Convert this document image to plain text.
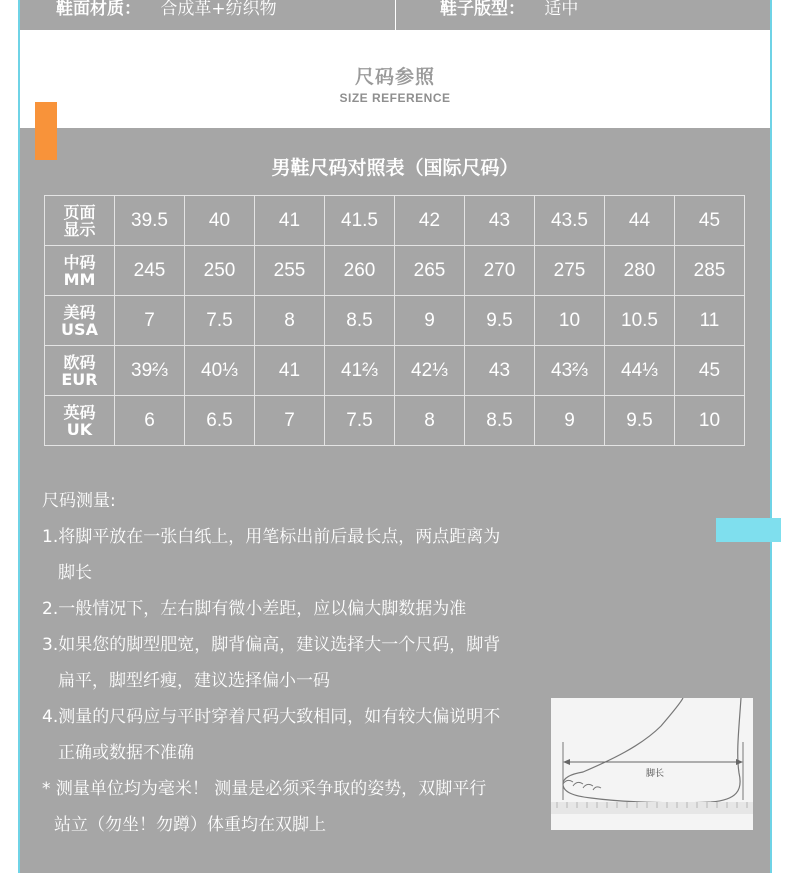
鞋面材质： 合成革+纺织物	鞋子版型： 适中
尺码参照
SIZE REFERENCE
男鞋尺码对照表（国际尺码）
页面
显示	39.5	40	41	41.5	42	43	43.5	44	45

中码
MM	245	250	255	260	265	270	275	280	285

美码
USA	7	7.5	8	8.5	9	9.5	10	10.5	11

欧码
EUR	39⅔	40⅓	41	41⅔	42⅓	43	43⅔	44⅓	45

英码
UK	6	6.5	7	7.5	8	8.5	9	9.5	10
尺码测量:
1.将脚平放在一张白纸上，用笔标出前后最长点，两点距离为
脚长
2.一般情况下，左右脚有微小差距，应以偏大脚数据为准
3.如果您的脚型肥宽，脚背偏高，建议选择大一个尺码，脚背
扁平，脚型纤瘦，建议选择偏小一码
4.测量的尺码应与平时穿着尺码大致相同，如有较大偏说明不
正确或数据不准确
* 测量单位均为毫米！ 测量是必须采争取的姿势，双脚平行
站立（勿坐！勿蹲）体重均在双脚上
脚长
